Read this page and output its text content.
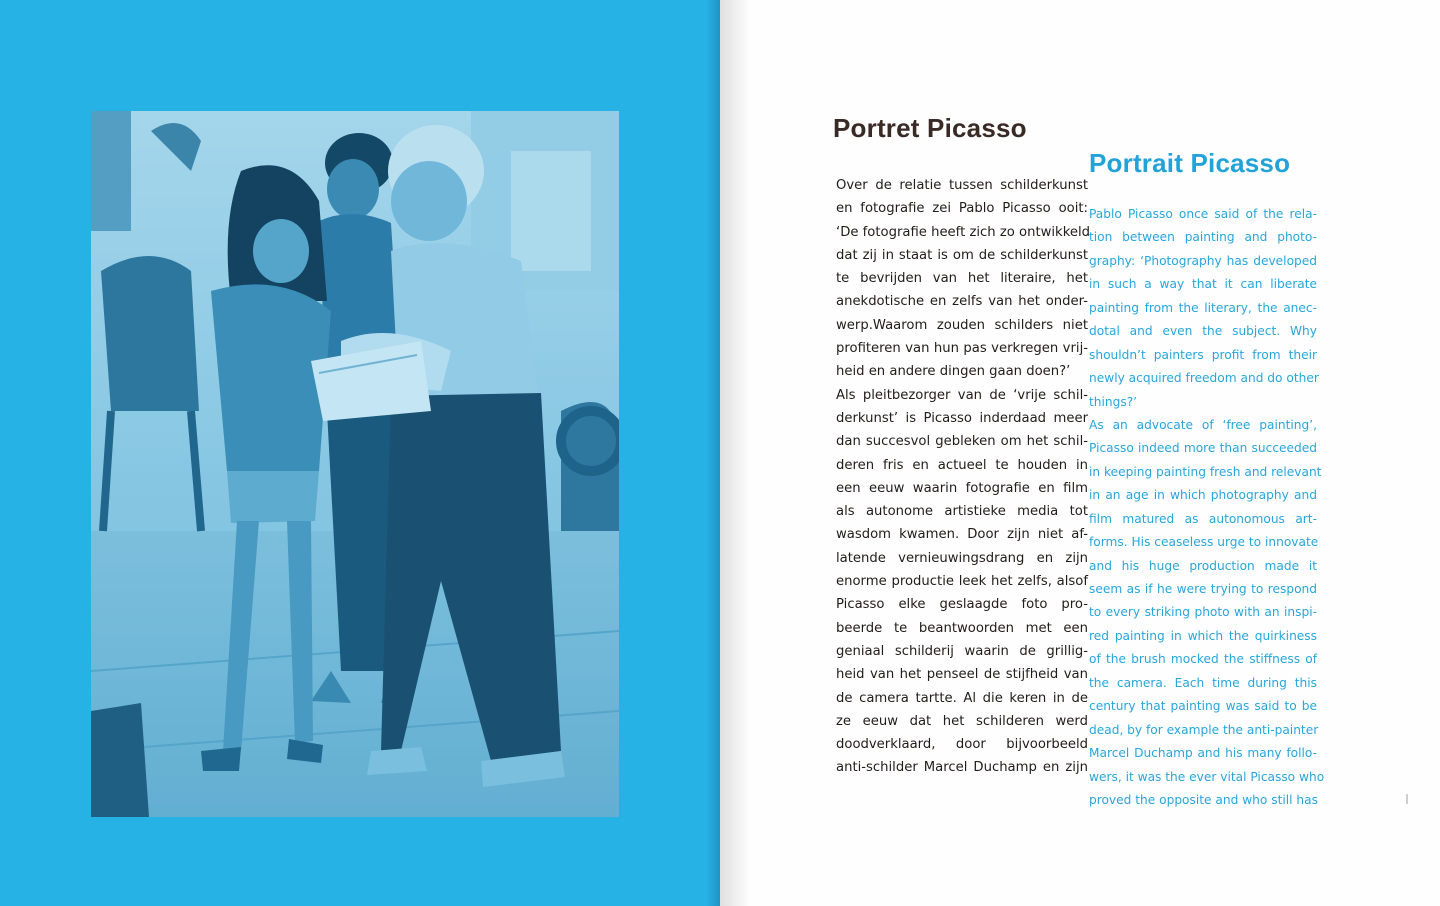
Portret Picasso
Portrait Picasso
Over de relatie tussen schilderkunst
en fotografie zei Pablo Picasso ooit:
‘De fotografie heeft zich zo ontwikkeld
dat zij in staat is om de schilderkunst
te bevrijden van het literaire, het
anekdotische en zelfs van het onder-
werp.Waarom zouden schilders niet
profiteren van hun pas verkregen vrij-
heid en andere dingen gaan doen?’
Als pleitbezorger van de ‘vrije schil-
derkunst’ is Picasso inderdaad meer
dan succesvol gebleken om het schil-
deren fris en actueel te houden in
een eeuw waarin fotografie en film
als autonome artistieke media tot
wasdom kwamen. Door zijn niet af-
latende vernieuwingsdrang en zijn
enorme productie leek het zelfs, alsof
Picasso elke geslaagde foto pro-
beerde te beantwoorden met een
geniaal schilderij waarin de grillig-
heid van het penseel de stijfheid van
de camera tartte. Al die keren in de
ze eeuw dat het schilderen werd
doodverklaard, door bijvoorbeeld
anti-schilder Marcel Duchamp en zijn
Pablo Picasso once said of the rela-
tion between painting and photo-
graphy: ‘Photography has developed
in such a way that it can liberate
painting from the literary, the anec-
dotal and even the subject. Why
shouldn’t painters profit from their
newly acquired freedom and do other
things?’
As an advocate of ‘free painting’,
Picasso indeed more than succeeded
in keeping painting fresh and relevant
in an age in which photography and
film matured as autonomous art-
forms. His ceaseless urge to innovate
and his huge production made it
seem as if he were trying to respond
to every striking photo with an inspi-
red painting in which the quirkiness
of the brush mocked the stiffness of
the camera. Each time during this
century that painting was said to be
dead, by for example the anti-painter
Marcel Duchamp and his many follo-
wers, it was the ever vital Picasso who
proved the opposite and who still has
